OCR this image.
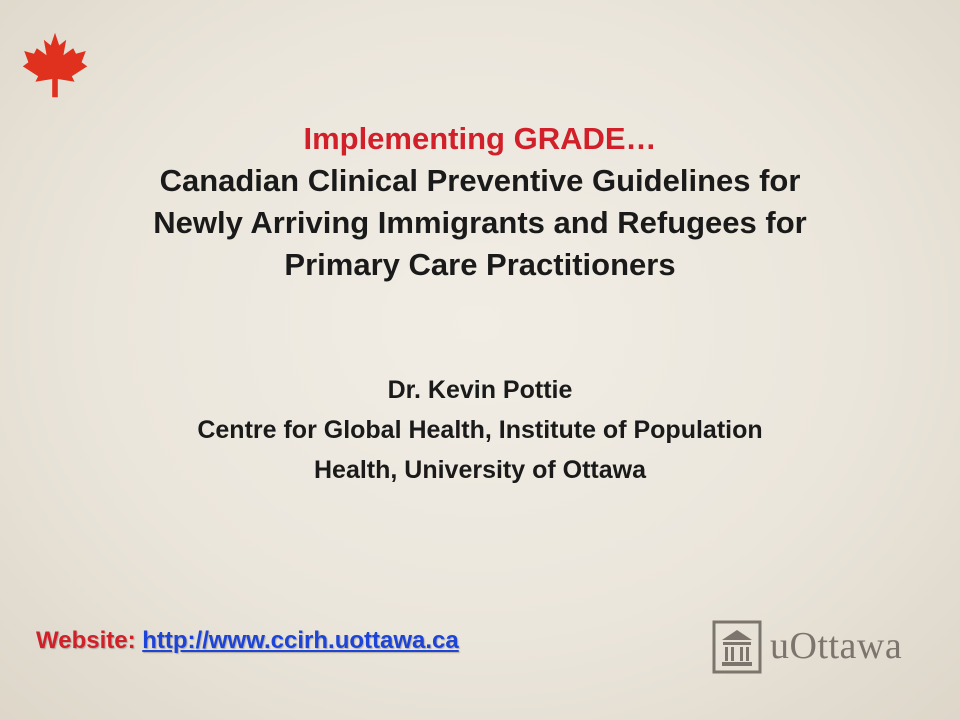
Implementing GRADE…
Canadian Clinical Preventive Guidelines for
Newly Arriving Immigrants and Refugees for
Primary Care Practitioners
Dr. Kevin Pottie
Centre for Global Health, Institute of Population
Health, University of Ottawa
Website: http://www.ccirh.uottawa.ca	uOttawa
